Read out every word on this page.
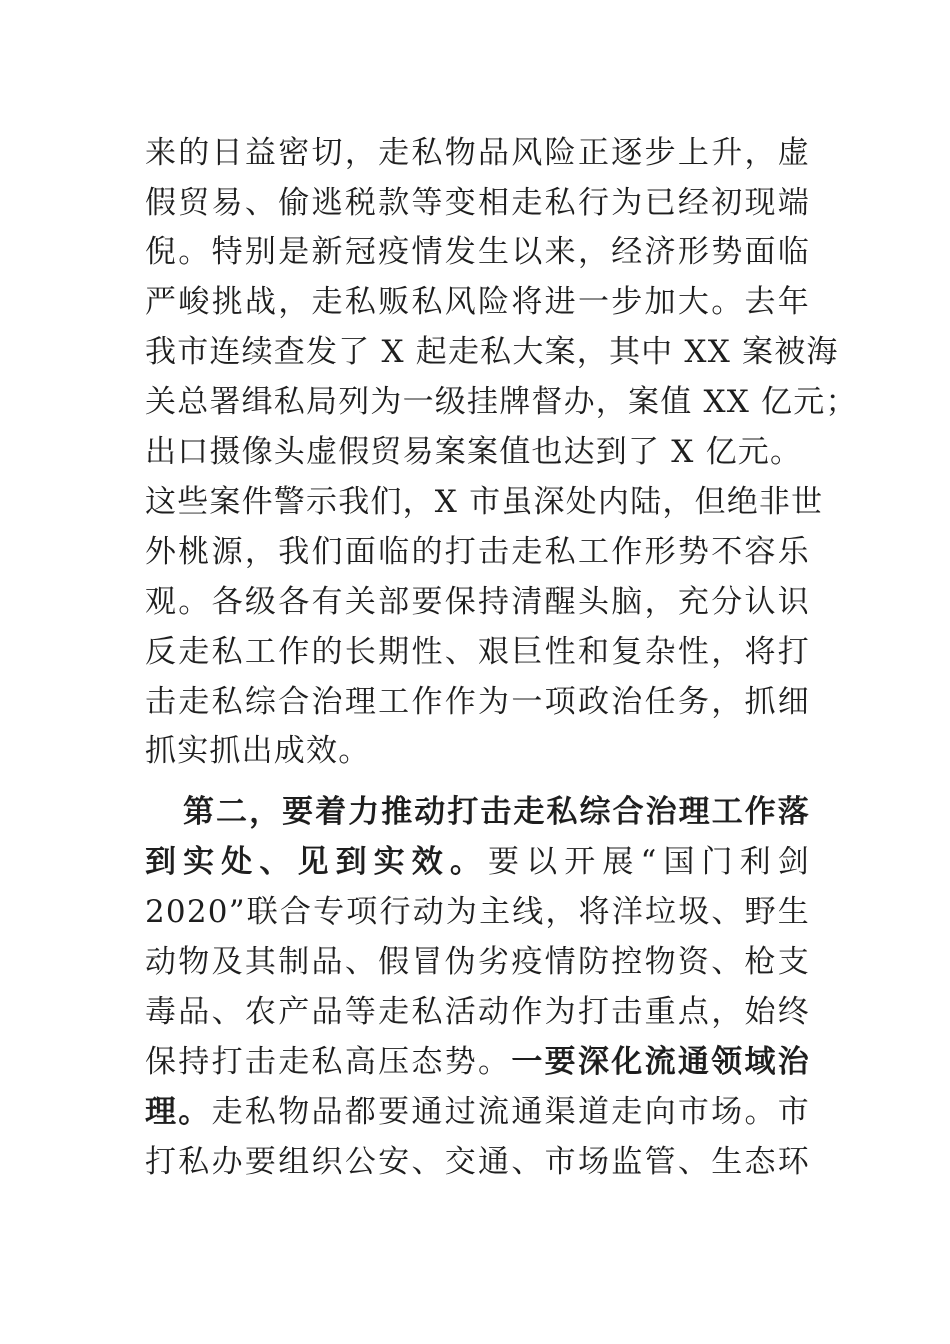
来的日益密切，走私物品风险正逐步上升，虚
假贸易、偷逃税款等变相走私行为已经初现端
倪。特别是新冠疫情发生以来，经济形势面临
严峻挑战，走私贩私风险将进一步加大。去年
我市连续查发了 X 起走私大案，其中 XX 案被海
关总署缉私局列为一级挂牌督办，案值 XX 亿元；
出口摄像头虚假贸易案案值也达到了 X 亿元。
这些案件警示我们，X 市虽深处内陆，但绝非世
外桃源，我们面临的打击走私工作形势不容乐
观。各级各有关部要保持清醒头脑，充分认识
反走私工作的长期性、艰巨性和复杂性，将打
击走私综合治理工作作为一项政治任务，抓细
抓实抓出成效。
第二，要着力推动打击走私综合治理工作落
到实处、见到实效。要以开展“国门利剑
2020”联合专项行动为主线，将洋垃圾、野生
动物及其制品、假冒伪劣疫情防控物资、枪支
毒品、农产品等走私活动作为打击重点，始终
保持打击走私高压态势。一要深化流通领域治
理。走私物品都要通过流通渠道走向市场。市
打私办要组织公安、交通、市场监管、生态环
